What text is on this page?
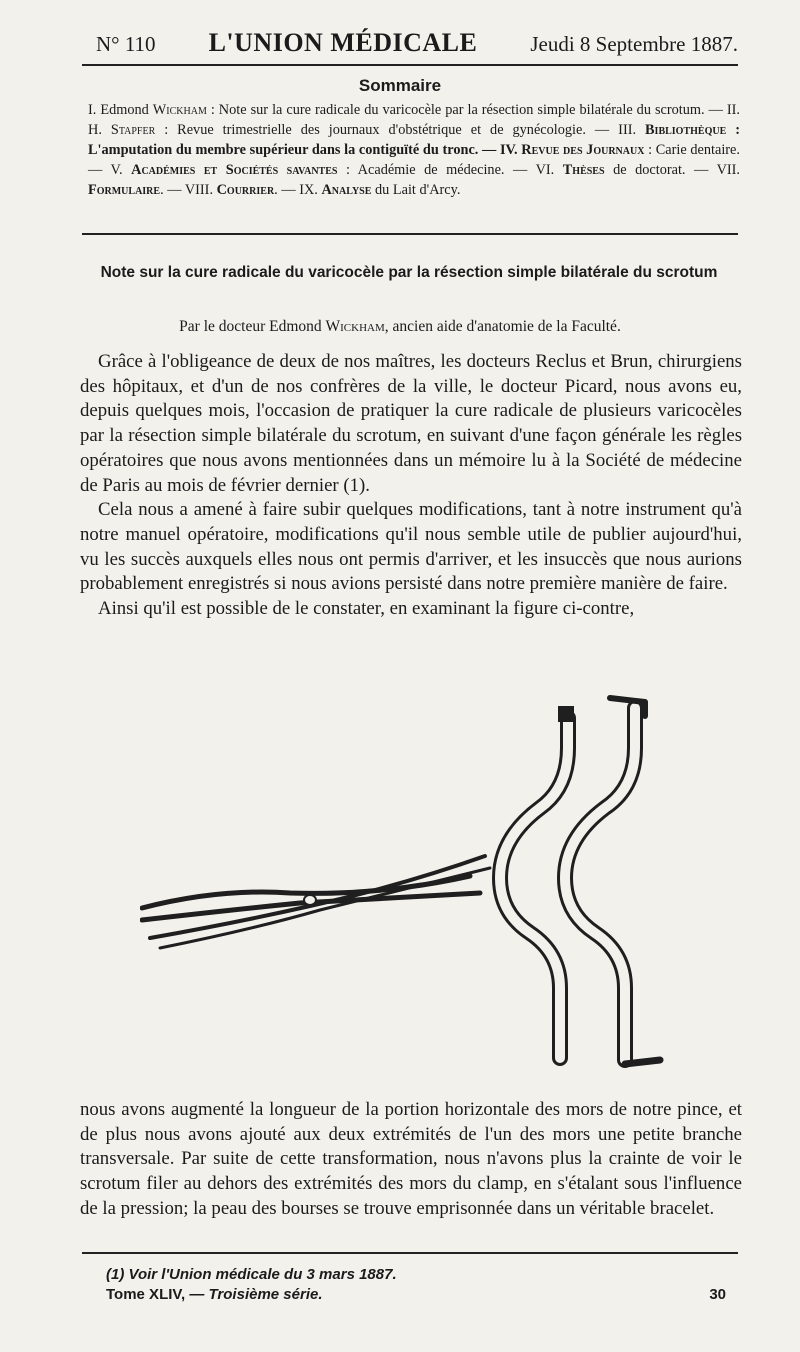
N° 110 L'UNION MÉDICALE	Jeudi 8 Septembre 1887.
Sommaire
I. Edmond Wickham : Note sur la cure radicale du varicocèle par la résection simple bilatérale du scrotum. — II. H. Stapfer : Revue trimestrielle des journaux d'obstétrique et de gynécologie. — III. Bibliothèque : L'amputation du membre supérieur dans la contiguïté du tronc. — IV. Revue des Journaux : Carie dentaire. — V. Académies et Sociétés savantes : Académie de médecine. — VI. Thèses de doctorat. — VII. Formulaire. — VIII. Courrier. — IX. Analyse du Lait d'Arcy.
Note sur la cure radicale du varicocèle par la résection simple bilatérale du scrotum
Par le docteur Edmond Wickham, ancien aide d'anatomie de la Faculté.

Grâce à l'obligeance de deux de nos maîtres, les docteurs Reclus et Brun, chirurgiens des hôpitaux, et d'un de nos confrères de la ville, le docteur Picard, nous avons eu, depuis quelques mois, l'occasion de pratiquer la cure radicale de plusieurs varicocèles par la résection simple bilatérale du scrotum, en suivant d'une façon générale les règles opératoires que nous avons mentionnées dans un mémoire lu à la Société de médecine de Paris au mois de février dernier (1).

Cela nous a amené à faire subir quelques modifications, tant à notre instrument qu'à notre manuel opératoire, modifications qu'il nous semble utile de publier aujourd'hui, vu les succès auxquels elles nous ont permis d'arriver, et les insuccès que nous aurions probablement enregistrés si nous avions persisté dans notre première manière de faire.

Ainsi qu'il est possible de le constater, en examinant la figure ci-contre,

nous avons augmenté la longueur de la portion horizontale des mors de notre pince, et de plus nous avons ajouté aux deux extrémités de l'un des mors une petite branche transversale. Par suite de cette transformation, nous n'avons plus la crainte de voir le scrotum filer au dehors des extrémités des mors du clamp, en s'étalant sous l'influence de la pression; la peau des bourses se trouve emprisonnée dans un véritable bracelet.

(1) Voir l'Union médicale du 3 mars 1887.
Tome XLIV, — Troisième série.	30
